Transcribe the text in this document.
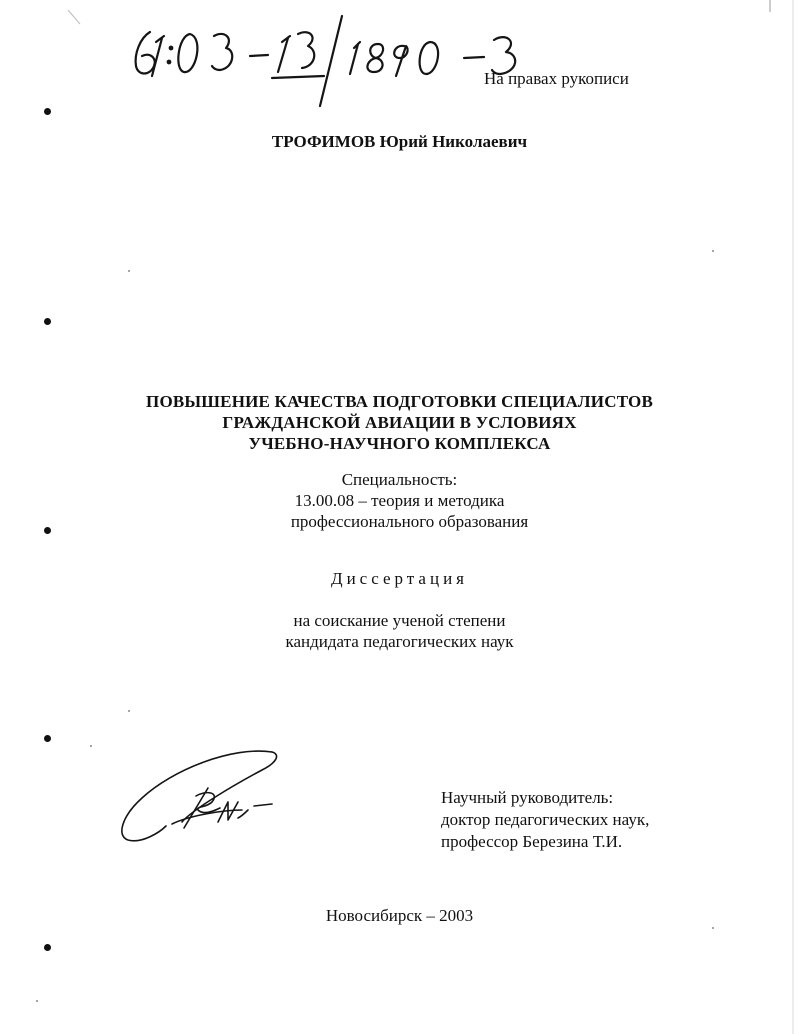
На правах рукописи
ТРОФИМОВ Юрий Николаевич
ПОВЫШЕНИЕ КАЧЕСТВА ПОДГОТОВКИ СПЕЦИАЛИСТОВ
ГРАЖДАНСКОЙ АВИАЦИИ В УСЛОВИЯХ
УЧЕБНО-НАУЧНОГО КОМПЛЕКСА
Специальность:
13.00.08 – теория и методика
профессионального образования
Диссертация
на соискание ученой степени
кандидата педагогических наук
Научный руководитель:
доктор педагогических наук,
профессор Березина Т.И.
Новосибирск – 2003
